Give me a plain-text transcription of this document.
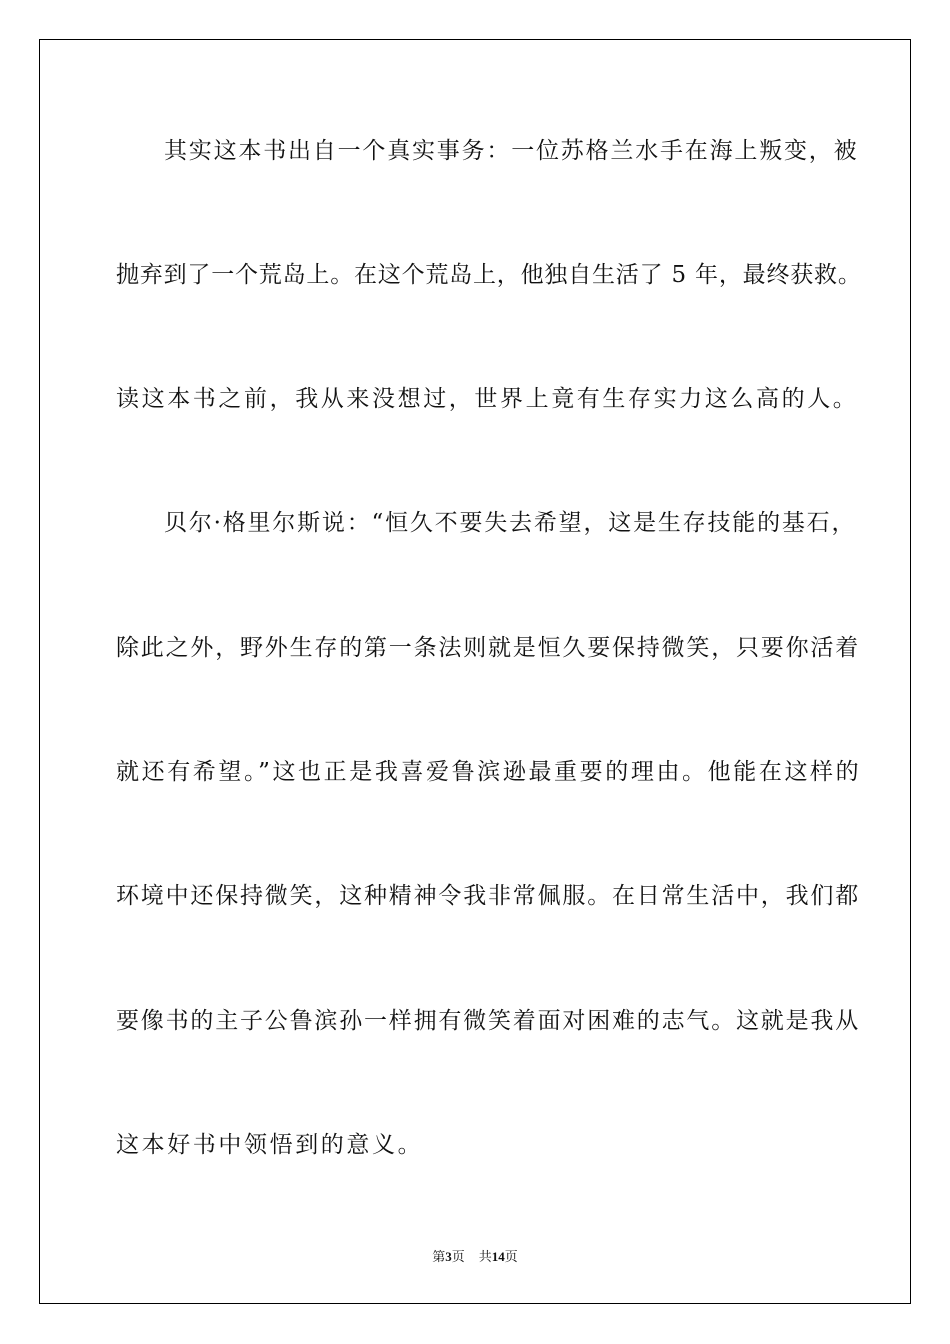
其实这本书出自一个真实事务：一位苏格兰水手在海上叛变，被
抛弃到了一个荒岛上。在这个荒岛上，他独自生活了 5 年，最终获救。
读这本书之前，我从来没想过，世界上竟有生存实力这么高的人。
贝尔·格里尔斯说：“恒久不要失去希望，这是生存技能的基石，
除此之外，野外生存的第一条法则就是恒久要保持微笑，只要你活着
就还有希望。”这也正是我喜爱鲁滨逊最重要的理由。他能在这样的
环境中还保持微笑，这种精神令我非常佩服。在日常生活中，我们都
要像书的主子公鲁滨孙一样拥有微笑着面对困难的志气。这就是我从
这本好书中领悟到的意义。
第3页 共14页
